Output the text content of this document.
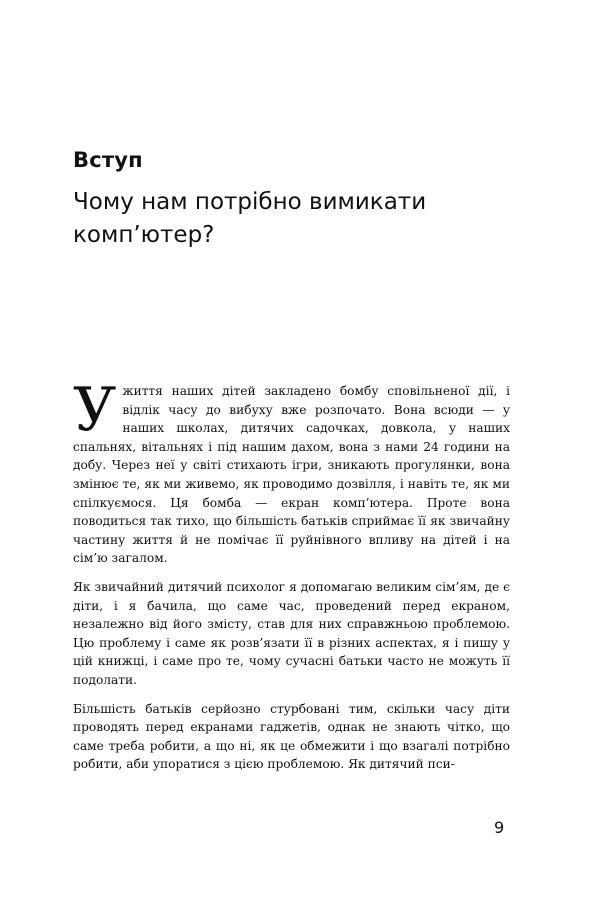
Вступ
Чому нам потрібно вимикати
комп’ютер?

У життя наших дітей закладено бомбу сповільненої дії, і відлік часу до вибуху вже розпочато. Вона всюди — у наших школах, дитячих садочках, довкола, у наших спальнях, вітальнях і під нашим дахом, вона з нами 24 години на добу. Через неї у світі стихають ігри, зникають прогулянки, вона змінює те, як ми живемо, як проводимо дозвілля, і навіть те, як ми спілкуємося. Ця бомба — екран комп’ютера. Проте вона поводиться так тихо, що більшість батьків сприймає її як звичайну частину життя й не помічає її руйнівного впливу на дітей і на сім’ю загалом.

Як звичайний дитячий психолог я допомагаю великим сім’ям, де є діти, і я бачила, що саме час, проведений перед екраном, незалежно від його змісту, став для них справжньою проблемою. Цю проблему і саме як розв’язати її в різних аспектах, я і пишу у цій книжці, і саме про те, чому сучасні батьки часто не можуть її подолати.

Більшість батьків серйозно стурбовані тим, скільки часу діти проводять перед екранами гаджетів, однак не знають чітко, що саме треба робити, а що ні, як це обмежити і що взагалі потрібно робити, аби упоратися з цією проблемою. Як дитячий пси-

9
